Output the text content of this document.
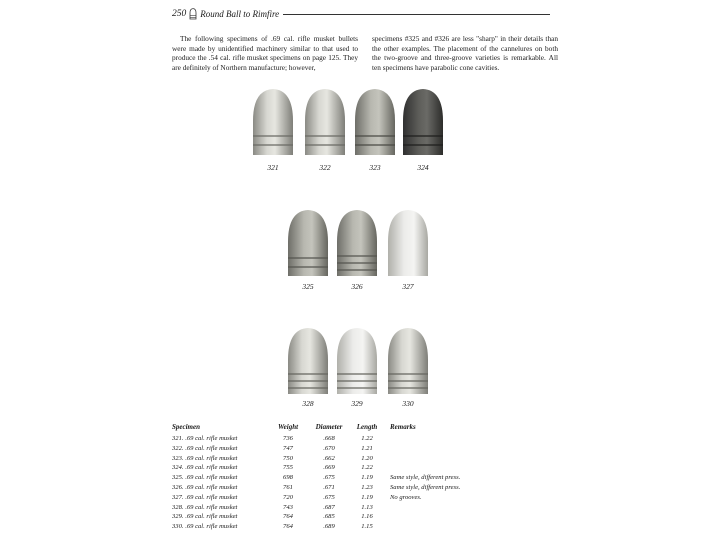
250 Round Ball to Rimfire
The following specimens of .69 cal. rifle musket bullets were made by unidentified machinery similar to that used to produce the .54 cal. rifle musket specimens on page 125. They are definitely of Northern manufacture; however,
specimens #325 and #326 are less "sharp" in their details than the other examples. The placement of the cannelures on both the two-groove and three-groove varieties is remarkable. All ten specimens have parabolic cone cavities.
321	322	323	324
325	326	327
328	329	330
Specimen	Weight	Diameter	Length	Remarks
321. .69 cal. rifle musket	736	.668	1.22
322. .69 cal. rifle musket	747	.670	1.21
323. .69 cal. rifle musket	750	.662	1.20
324. .69 cal. rifle musket	755	.669	1.22
325. .69 cal. rifle musket	698	.675	1.19	Same style, different press.
326. .69 cal. rifle musket	761	.671	1.23	Same style, different press.
327. .69 cal. rifle musket	720	.675	1.19	No grooves.
328. .69 cal. rifle musket	743	.687	1.13
329. .69 cal. rifle musket	764	.685	1.16
330. .69 cal. rifle musket	764	.689	1.15
